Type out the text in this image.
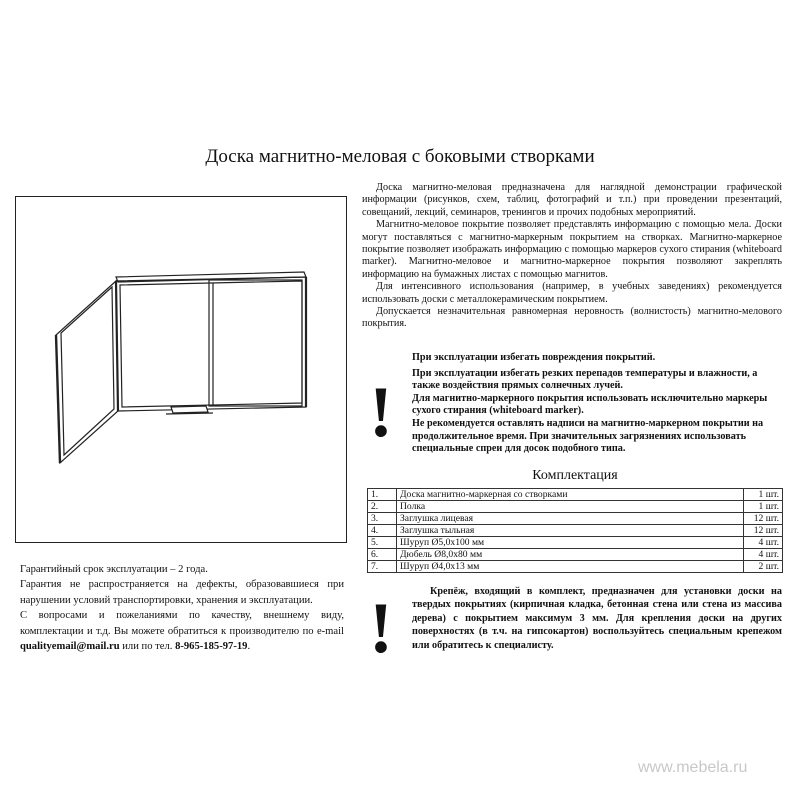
Доска магнитно-меловая с боковыми створками

Доска магнитно-меловая предназначена для наглядной демонстрации графической информации (рисунков, схем, таблиц, фотографий и т.п.) при проведении презентаций, совещаний, лекций, семинаров, тренингов и прочих подобных мероприятий.

Магнитно-меловое покрытие позволяет представлять информацию с помощью мела. Доски могут поставляться с магнитно-маркерным покрытием на створках. Магнитно-маркерное покрытие позволяет изображать информацию с помощью маркеров сухого стирания (whiteboard marker). Магнитно-меловое и магнитно-маркерное покрытия позволяют закреплять информацию на бумажных листах с помощью магнитов.

Для интенсивного использования (например, в учебных заведениях) рекомендуется использовать доски с металлокерамическим покрытием.

Допускается незначительная равномерная неровность (волнистость) магнитно-мелового покрытия.

!

При эксплуатации избегать повреждения покрытий.

При эксплуатации избегать резких перепадов температуры и влажности, а также воздействия прямых солнечных лучей.
Для магнитно-маркерного покрытия использовать исключительно маркеры сухого стирания (whiteboard marker).
Не рекомендуется оставлять надписи на магнитно-маркерном покрытии на продолжительное время. При значительных загрязнениях использовать специальные спреи для досок подобного типа.

Комплектация
1.	Доска магнитно-маркерная со створками	1 шт.
2.	Полка	1 шт.
3.	Заглушка лицевая	12 шт.
4.	Заглушка тыльная	12 шт.
5.	Шуруп Ø5,0х100 мм	4 шт.
6.	Дюбель Ø8,0х80 мм	4 шт.
7.	Шуруп Ø4,0х13 мм	2 шт.
!	Крепёж, входящий в комплект, предназначен для установки доски на твердых покрытиях (кирпичная кладка, бетонная стена или стена из массива дерева) с покрытием максимум 3 мм. Для крепления доски на других поверхностях (в т.ч. на гипсокартон) воспользуйтесь специальным крепежом или обратитесь к специалисту.

Гарантийный срок эксплуатации – 2 года.

Гарантия не распространяется на дефекты, образовавшиеся при нарушении условий транспортировки, хранения и эксплуатации.

С вопросами и пожеланиями по качеству, внешнему виду, комплектации и т.д. Вы можете обратиться к производителю по e-mail qualityemail@mail.ru или по тел. 8-965-185-97-19.

www.mebela.ru
